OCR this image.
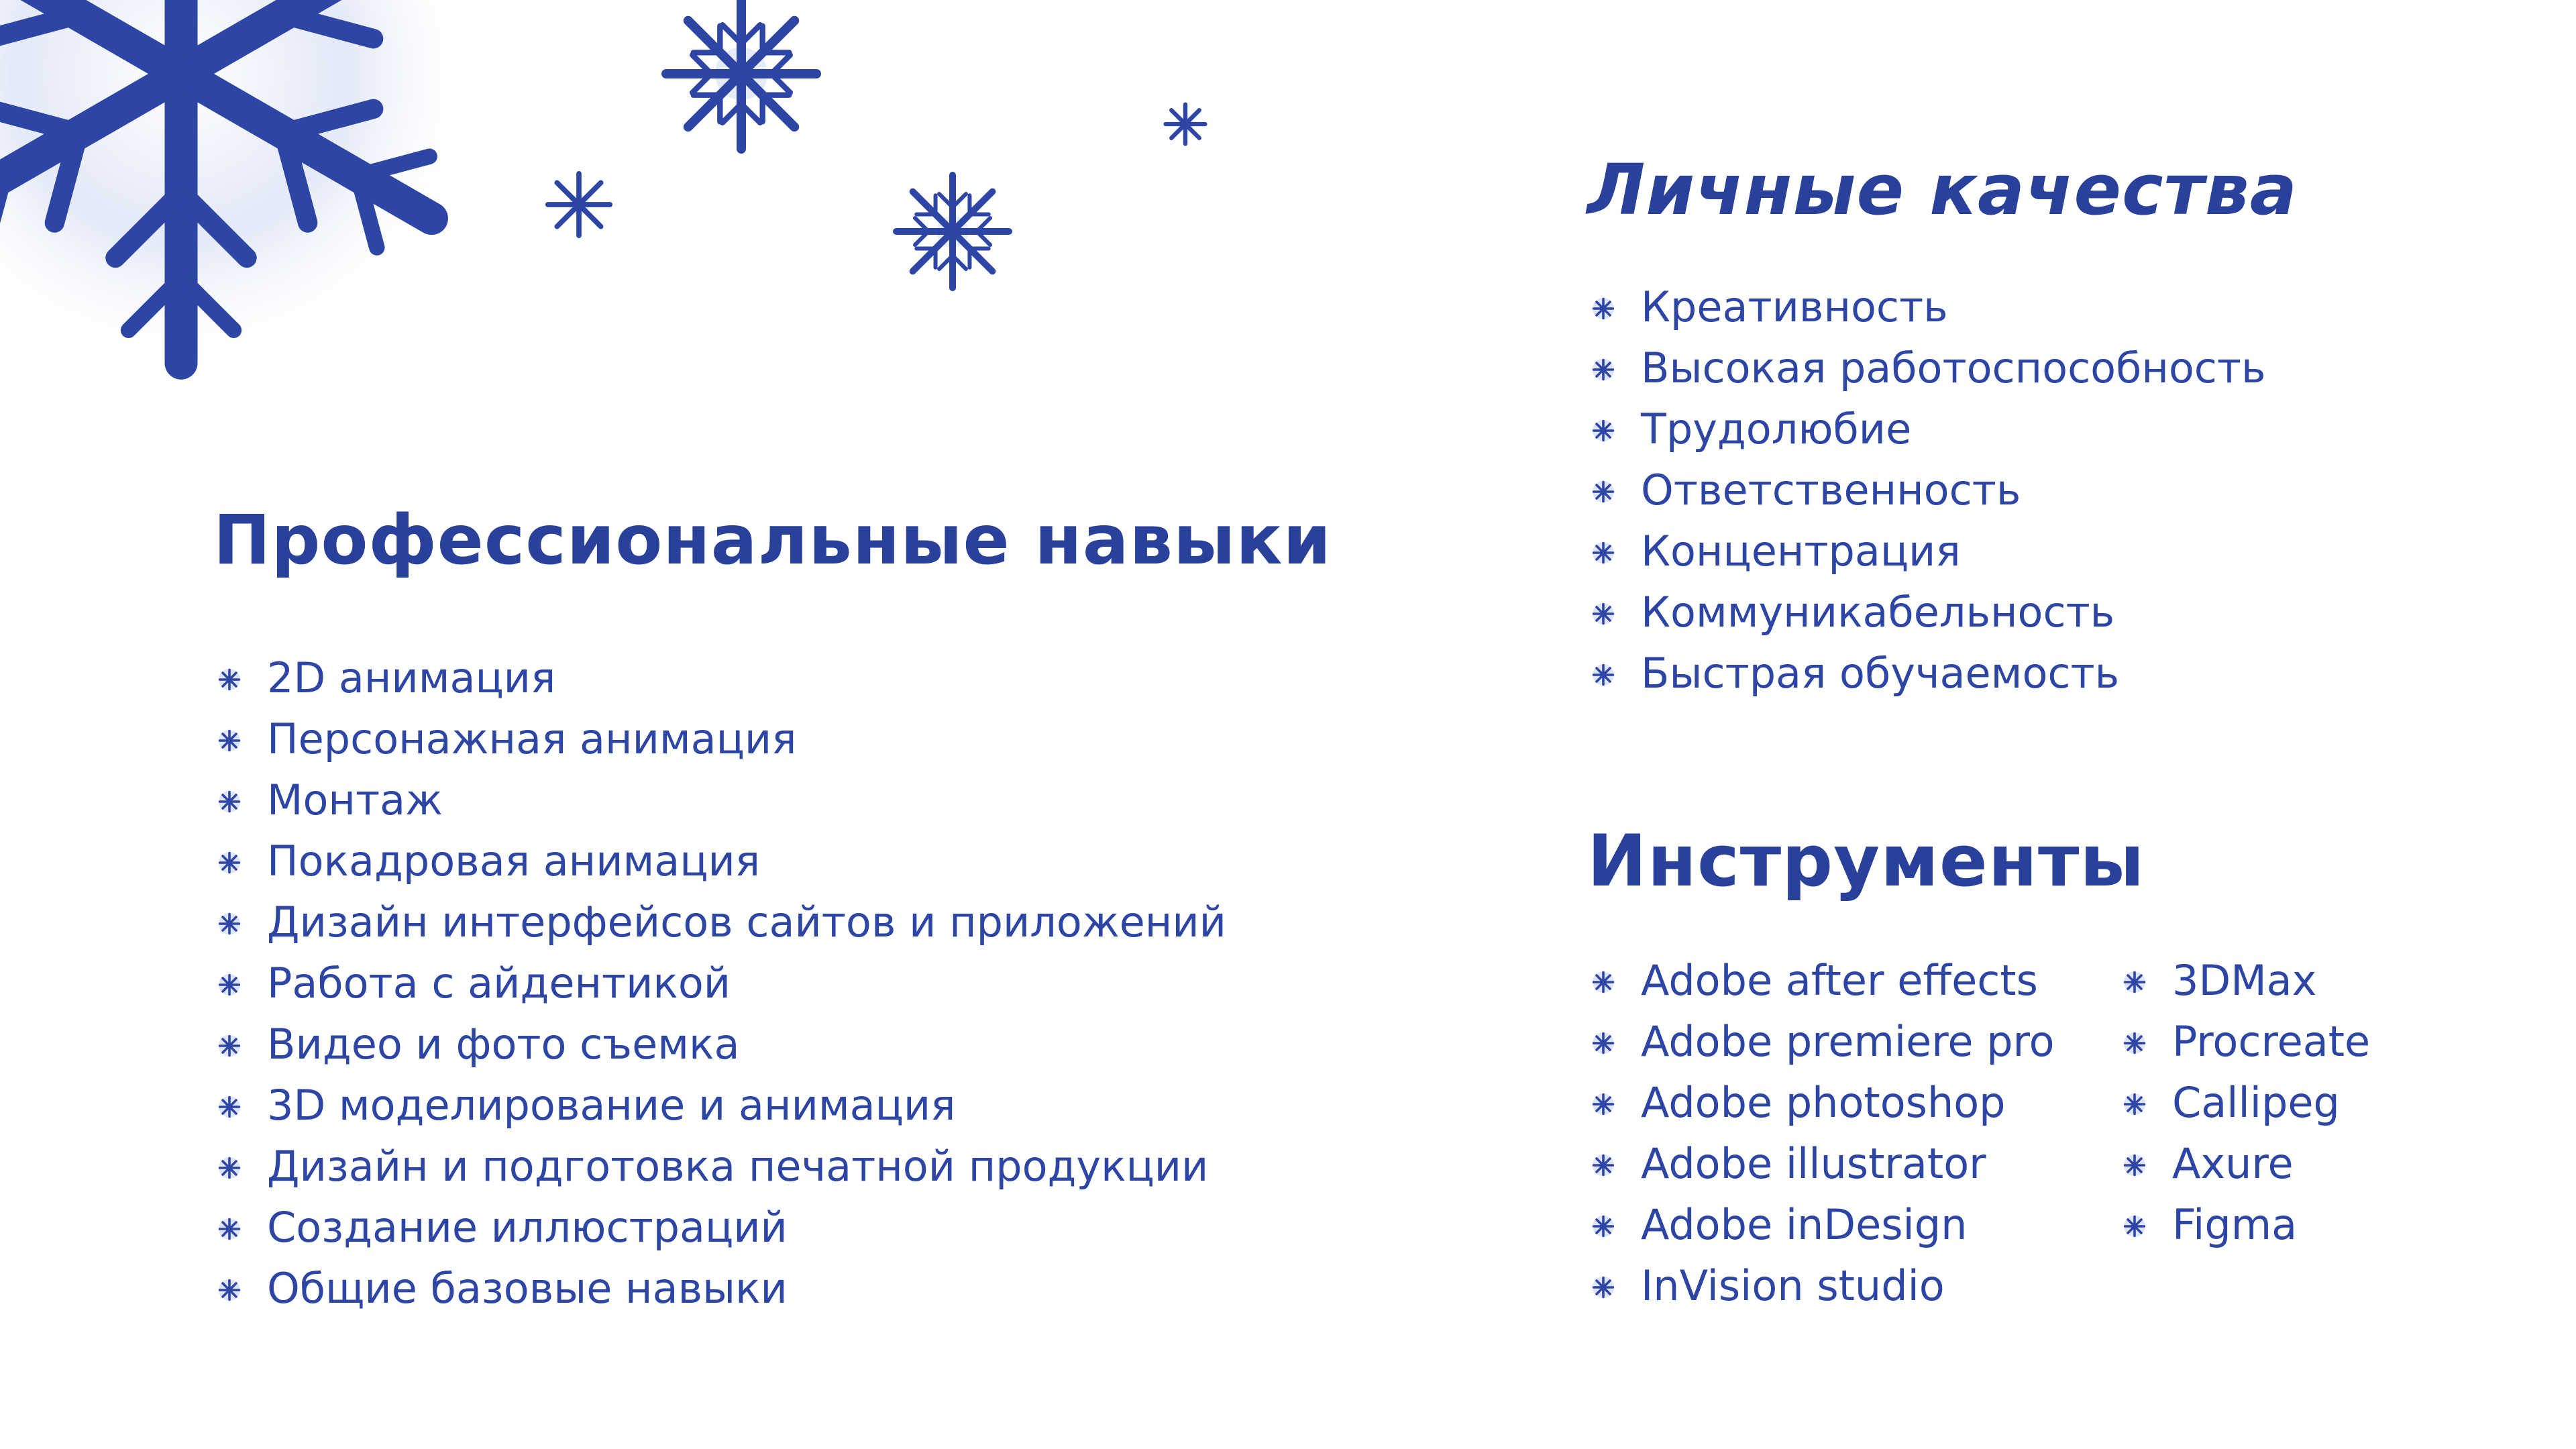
Профессиональные навыки
Личные качества
Инструменты
2D анимация
Персонажная анимация
Монтаж
Покадровая анимация
Дизайн интерфейсов сайтов и приложений
Работа с айдентикой
Видео и фото съемка
3D моделирование и анимация
Дизайн и подготовка печатной продукции
Создание иллюстраций
Общие базовые навыки
Креативность
Высокая работоспособность
Трудолюбие
Ответственность
Концентрация
Коммуникабельность
Быстрая обучаемость
Adobe after effects
Adobe premiere pro
Adobe photoshop
Adobe illustrator
Adobe inDesign
InVision studio
3DMax
Procreate
Callipeg
Axure
Figma
